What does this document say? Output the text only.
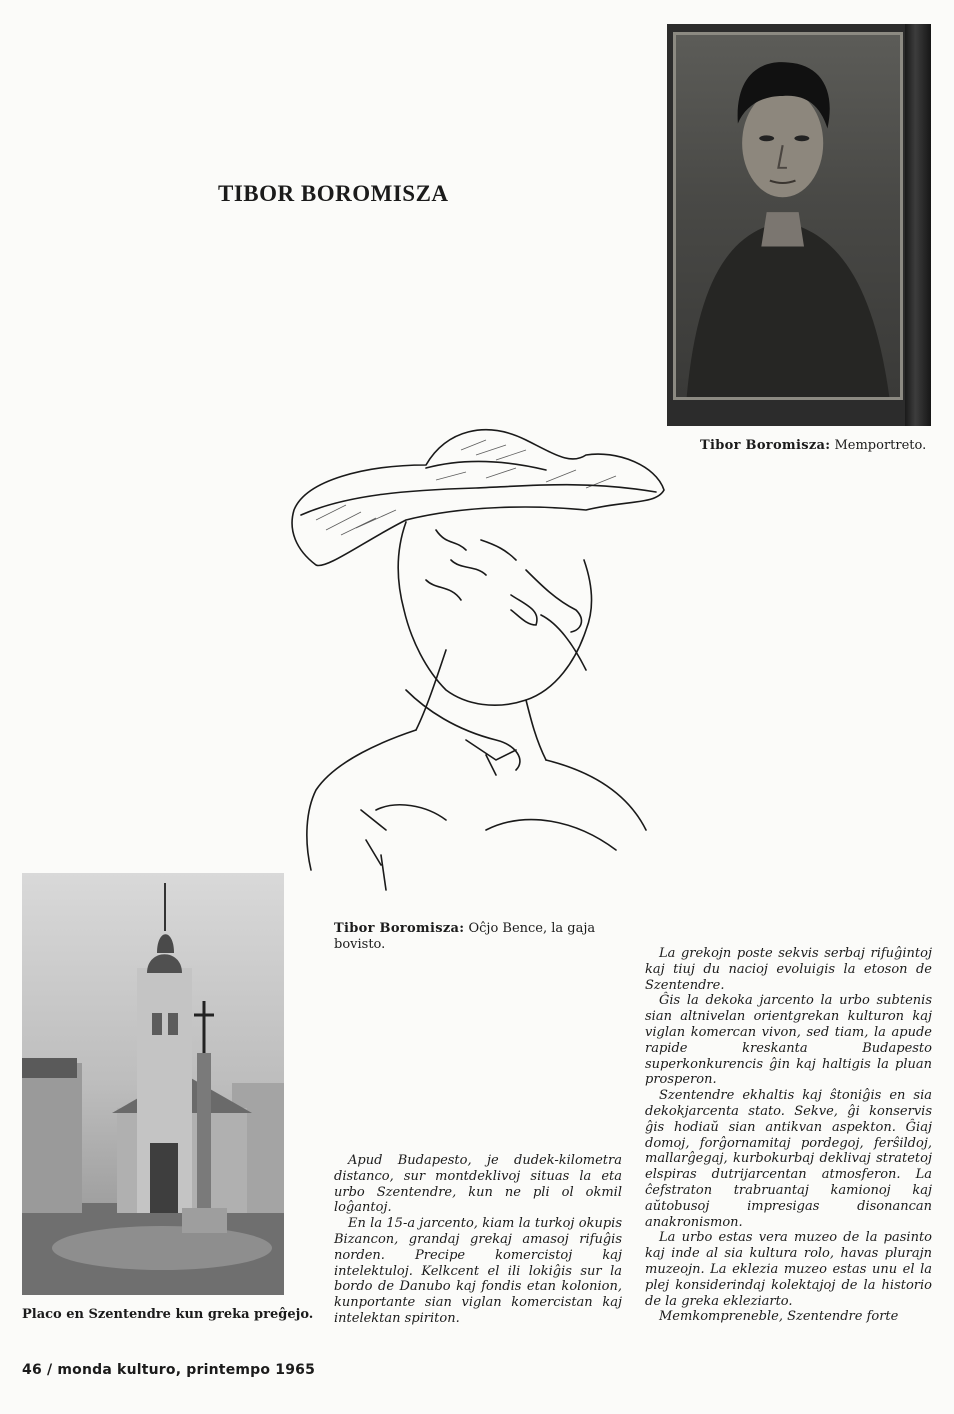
TIBOR BOROMISZA
Tibor Boromisza: Memportreto.
Tibor Boromisza: Oĉjo Bence, la gaja bovisto.
Placo en Szentendre kun greka preĝejo.

Apud Budapesto, je dudek-kilometra distanco, sur montdeklivoj situas la eta urbo Szentendre, kun ne pli ol okmil loĝantoj.

En la 15-a jarcento, kiam la turkoj okupis Bizancon, grandaj grekaj amasoj rifuĝis norden. Precipe komercistoj kaj intelektuloj. Kelkcent el ili lokiĝis sur la bordo de Danubo kaj fondis etan kolonion, kunportante sian viglan komercistan kaj intelektan spiriton.

La grekojn poste sekvis serbaj rifuĝintoj kaj tiuj du nacioj evoluigis la etoson de Szentendre.

Ĝis la dekoka jarcento la urbo subtenis sian altnivelan orientgrekan kulturon kaj viglan komercan vivon, sed tiam, la apude rapide kreskanta Budapesto superkonkurencis ĝin kaj haltigis la pluan prosperon.

Szentendre ekhaltis kaj ŝtoniĝis en sia dekokjarcenta stato. Sekve, ĝi konservis ĝis hodiaŭ sian antikvan aspekton. Ĝiaj domoj, forĝornamitaj pordegoj, ferŝildoj, mallarĝegaj, kurbokurbaj deklivaj stratetoj elspiras dutrijarcentan atmosferon. La ĉefstraton trabruantaj kamionoj kaj aŭtobusoj impresigas disonancan anakronismon.

La urbo estas vera muzeo de la pasinto kaj inde al sia kultura rolo, havas plurajn muzeojn. La eklezia muzeo estas unu el la plej konsiderindaj kolektajoj de la historio de la greka ekleziarto.

Memkompreneble, Szentendre forte

46 / monda kulturo, printempo 1965
